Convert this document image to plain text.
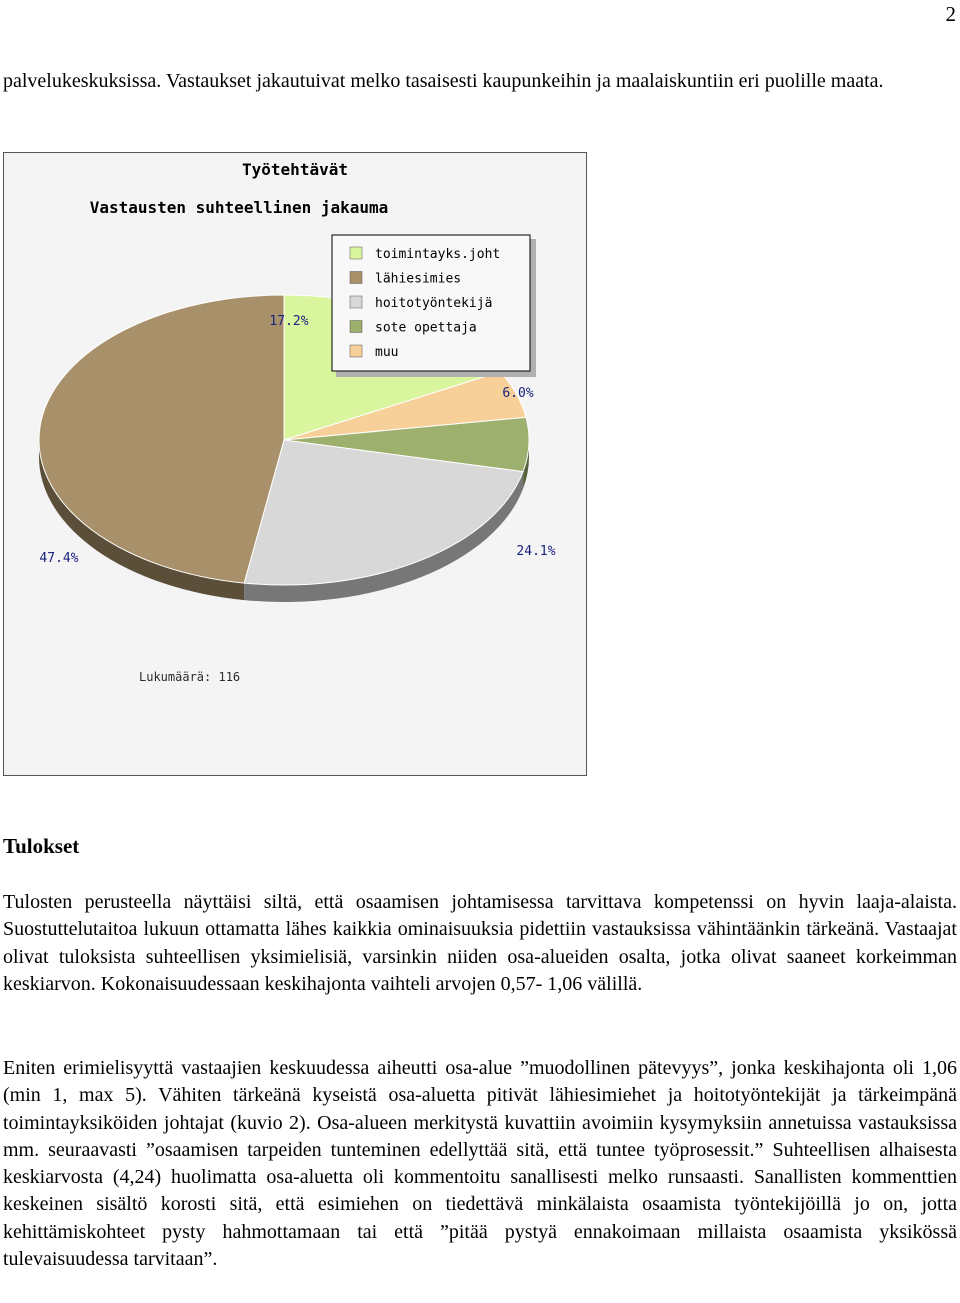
2

palvelukeskuksissa. Vastaukset jakautuivat melko tasaisesti kaupunkeihin ja maalaiskuntiin eri puolille maata.

Työtehtävät
Vastausten suhteellinen jakauma
toimintayks.joht
lähiesimies
hoitotyöntekijä
sote opettaja
muu
17.2%
47.4%	24.1%
6.0%
Lukumäärä: 116
Tulokset

Tulosten perusteella näyttäisi siltä, että osaamisen johtamisessa tarvittava kompetenssi on hyvin laaja-alaista. Suostuttelutaitoa lukuun ottamatta lähes kaikkia ominaisuuksia pidettiin vastauksissa vähintäänkin tärkeänä. Vastaajat olivat tuloksista suhteellisen yksimielisiä, varsinkin niiden osa-alueiden osalta, jotka olivat saaneet korkeimman keskiarvon. Kokonaisuudessaan keskihajonta vaihteli arvojen 0,57- 1,06 välillä.

Eniten erimielisyyttä vastaajien keskuudessa aiheutti osa-alue ”muodollinen pätevyys”, jonka keskihajonta oli 1,06 (min 1, max 5). Vähiten tärkeänä kyseistä osa-aluetta pitivät lähiesimiehet ja hoitotyöntekijät ja tärkeimpänä toimintayksiköiden johtajat (kuvio 2). Osa-alueen merkitystä kuvattiin avoimiin kysymyksiin annetuissa vastauksissa mm. seuraavasti ”osaamisen tarpeiden tunteminen edellyttää sitä, että tuntee työprosessit.” Suhteellisen alhaisesta keskiarvosta (4,24) huolimatta osa-aluetta oli kommentoitu sanallisesti melko runsaasti. Sanallisten kommenttien keskeinen sisältö korosti sitä, että esimiehen on tiedettävä minkälaista osaamista työntekijöillä jo on, jotta kehittämiskohteet pysty hahmottamaan tai että ”pitää pystyä ennakoimaan millaista osaamista yksikössä tulevaisuudessa tarvitaan”.
